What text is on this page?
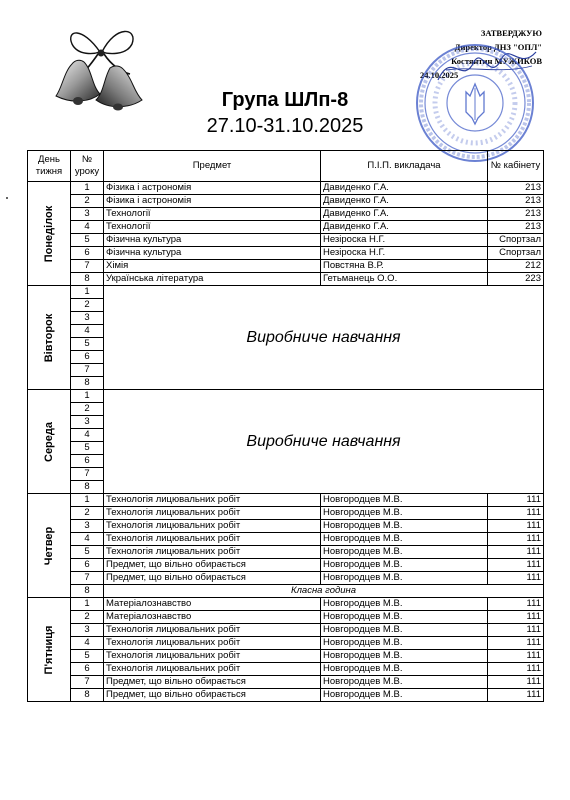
ЗАТВЕРДЖУЮ
Директор ДНЗ "ОПЛ"
Костянтин МУЖИКОВ
24.10.2025
Група ШЛп-8
27.10-31.10.2025
День тижня	№ уроку	Предмет	П.І.П. викладача	№ кабінету

Понеділок	1	Фізика і астрономія	Давиденко Г.А.	213
	2	Фізика і астрономія	Давиденко Г.А.	213
	3	Технології	Давиденко Г.А.	213
	4	Технології	Давиденко Г.А.	213
	5	Фізична культура	Незіроска Н.Г.	Спортзал
	6	Фізична культура	Незіроска Н.Г.	Спортзал
	7	Хімія	Повстяна В.Р.	212
	8	Українська література	Гетьманець О.О.	223

Вівторок	1	Виробниче навчання		
	2			
	3			
	4			
	5			
	6			
	7			
	8			

Середа	1	Виробниче навчання		
	2			
	3			
	4			
	5			
	6			
	7			
	8			

Четвер	1	Технологія лицювальних робіт	Новгородцев М.В.	111
	2	Технологія лицювальних робіт	Новгородцев М.В.	111
	3	Технологія лицювальних робіт	Новгородцев М.В.	111
	4	Технологія лицювальних робіт	Новгородцев М.В.	111
	5	Технологія лицювальних робіт	Новгородцев М.В.	111
	6	Предмет, що вільно обирається	Новгородцев М.В.	111
	7	Предмет, що вільно обирається	Новгородцев М.В.	111
	8	Класна година		

П'ятниця	1	Матеріалознавство	Новгородцев М.В.	111
	2	Матеріалознавство	Новгородцев М.В.	111
	3	Технологія лицювальних робіт	Новгородцев М.В.	111
	4	Технологія лицювальних робіт	Новгородцев М.В.	111
	5	Технологія лицювальних робіт	Новгородцев М.В.	111
	6	Технологія лицювальних робіт	Новгородцев М.В.	111
	7	Предмет, що вільно обирається	Новгородцев М.В.	111
	8	Предмет, що вільно обирається	Новгородцев М.В.	111
